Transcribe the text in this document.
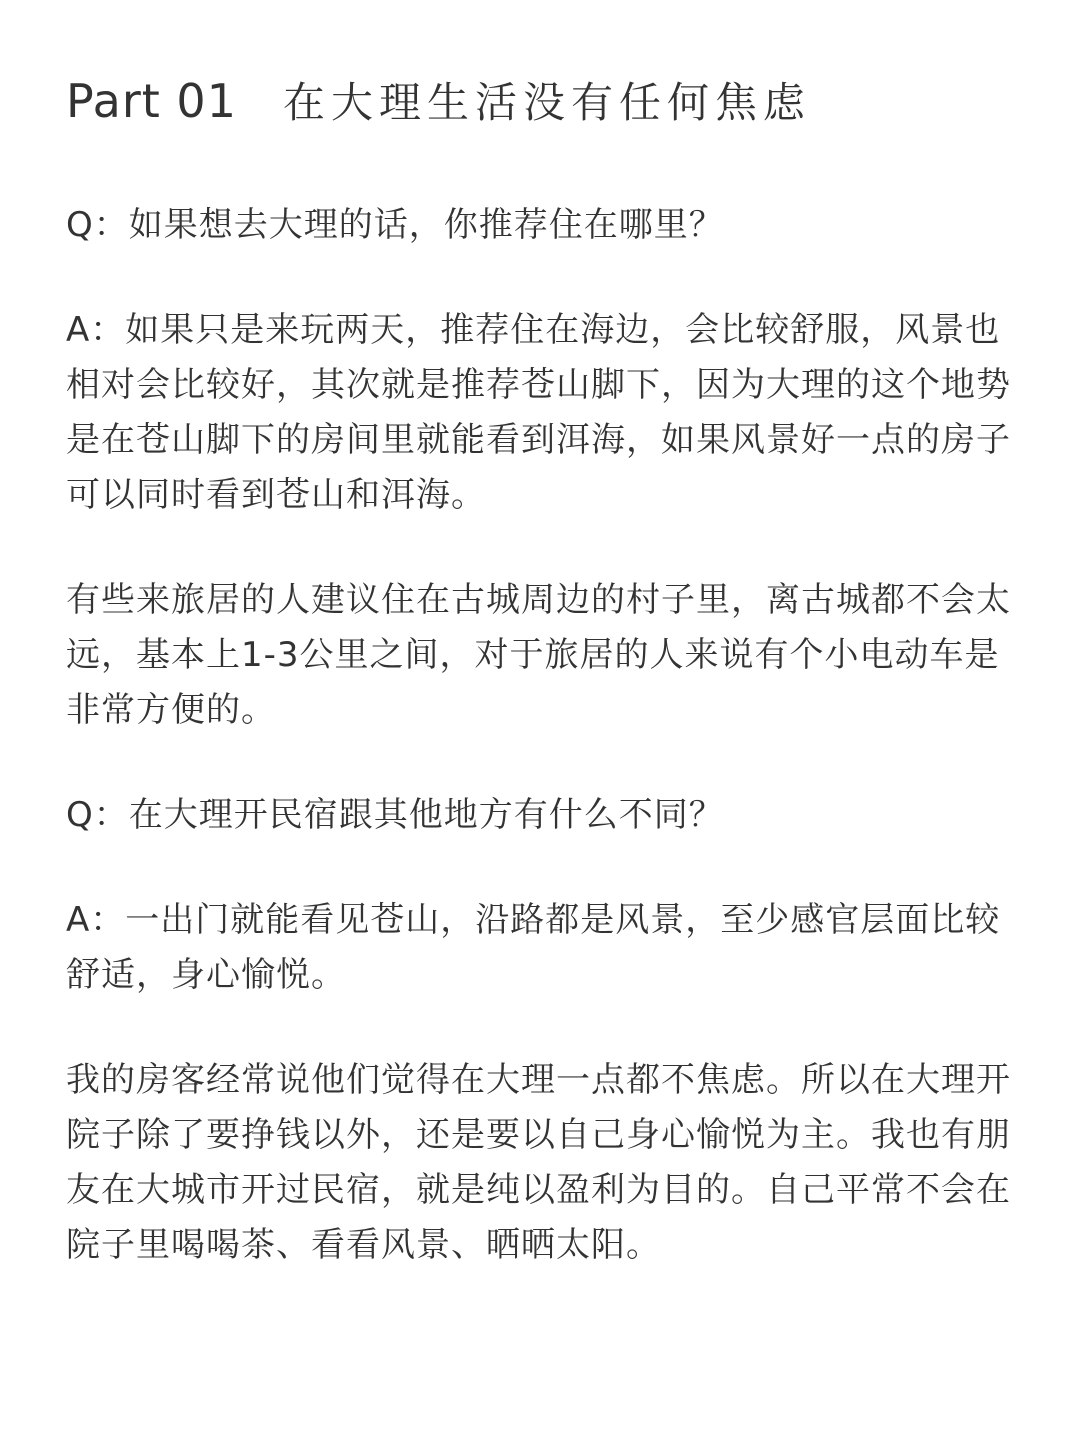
Part 01 在大理生活没有任何焦虑

Q：如果想去大理的话，你推荐住在哪里？

A：如果只是来玩两天，推荐住在海边，会比较舒服，风景也相对会比较好，其次就是推荐苍山脚下，因为大理的这个地势是在苍山脚下的房间里就能看到洱海，如果风景好一点的房子可以同时看到苍山和洱海。

有些来旅居的人建议住在古城周边的村子里，离古城都不会太远，基本上1-3公里之间，对于旅居的人来说有个小电动车是非常方便的。

Q：在大理开民宿跟其他地方有什么不同？

A：一出门就能看见苍山，沿路都是风景，至少感官层面比较舒适，身心愉悦。

我的房客经常说他们觉得在大理一点都不焦虑。所以在大理开院子除了要挣钱以外，还是要以自己身心愉悦为主。我也有朋友在大城市开过民宿，就是纯以盈利为目的。自己平常不会在院子里喝喝茶、看看风景、晒晒太阳。
